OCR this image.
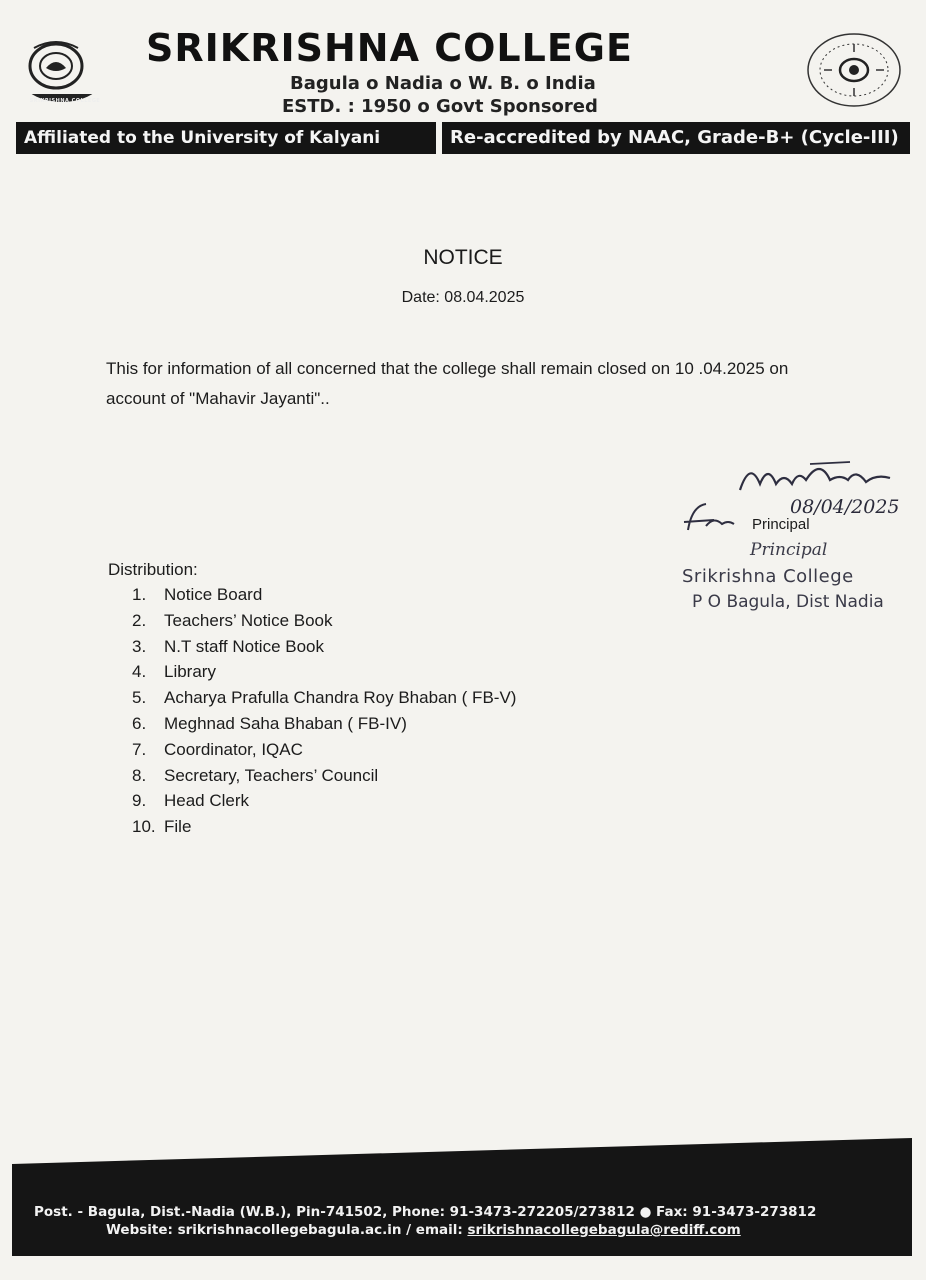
SRIKRISHNA COLLEGE
SRIKRISHNA COLLEGE
Bagula o Nadia o W. B. o India
ESTD. : 1950 o Govt Sponsored
Affiliated to the University of Kalyani	Re-accredited by NAAC, Grade-B+ (Cycle-III)
NOTICE
Date: 08.04.2025
This for information of all concerned that the college shall remain closed on 10 .04.2025 on
account of "Mahavir Jayanti"..
08/04/2025
Principal
Principal
Srikrishna College
P O Bagula, Dist Nadia
Distribution:
1. Notice Board
2. Teachers’ Notice Book
3. N.T staff Notice Book
4. Library
5. Acharya Prafulla Chandra Roy Bhaban ( FB-V)
6. Meghnad Saha Bhaban ( FB-IV)
7. Coordinator, IQAC
8. Secretary, Teachers’ Council
9. Head Clerk
10. File
Post. - Bagula, Dist.-Nadia (W.B.), Pin-741502, Phone: 91-3473-272205/273812 ● Fax: 91-3473-273812
Website: srikrishnacollegebagula.ac.in / email: srikrishnacollegebagula@rediff.com
